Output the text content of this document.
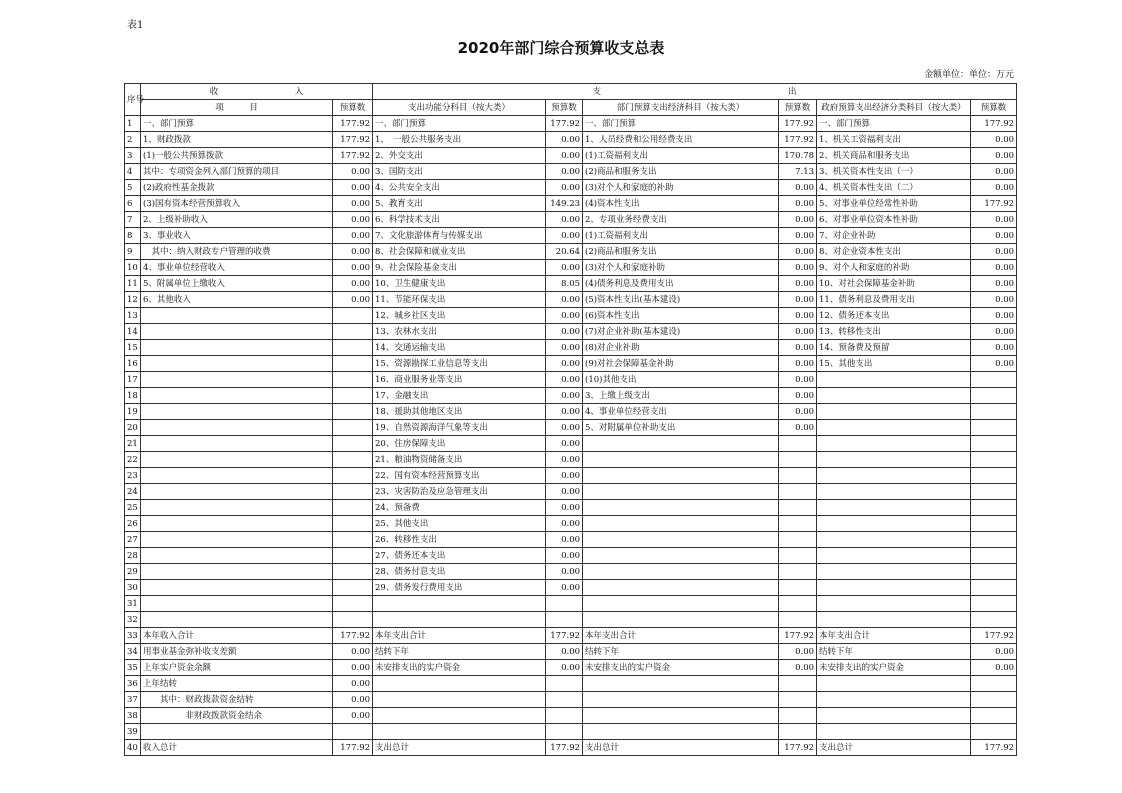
表1
2020年部门综合预算收支总表
金额单位：单位：万元
序号	收　　　　　　　　　入		支　　　　　　　　　　　　　　　　　　　　　　出					
	项　　　目	预算数	支出功能分科目（按大类）	预算数	部门预算支出经济科目（按大类）	预算数	政府预算支出经济分类科目（按大类）	预算数
1	一、部门预算	177.92	一、部门预算	177.92	一、部门预算	177.92	一、部门预算	177.92
2	1、财政拨款	177.92	1、　一般公共服务支出	0.00	1、人员经费和公用经费支出	177.92	1、机关工资福利支出	0.00
3	(1)一般公共预算拨款	177.92	2、外交支出	0.00	(1)工资福利支出	170.78	2、机关商品和服务支出	0.00
4	其中：专项资金列入部门预算的项目	0.00	3、国防支出	0.00	(2)商品和服务支出	7.13	3、机关资本性支出（一）	0.00
5	(2)政府性基金拨款	0.00	4、公共安全支出	0.00	(3)对个人和家庭的补助	0.00	4、机关资本性支出（二）	0.00
6	(3)国有资本经营预算收入	0.00	5、教育支出	149.23	(4)资本性支出	0.00	5、对事业单位经常性补助	177.92
7	2、上级补助收入	0.00	6、科学技术支出	0.00	2、专项业务经费支出	0.00	6、对事业单位资本性补助	0.00
8	3、事业收入	0.00	7、文化旅游体育与传媒支出	0.00	(1)工资福利支出	0.00	7、对企业补助	0.00
9	　其中：纳入财政专户管理的收费	0.00	8、社会保障和就业支出	20.64	(2)商品和服务支出	0.00	8、对企业资本性支出	0.00
10	4、事业单位经营收入	0.00	9、社会保险基金支出	0.00	(3)对个人和家庭补助	0.00	9、对个人和家庭的补助	0.00
11	5、附属单位上缴收入	0.00	10、卫生健康支出	8.05	(4)债务利息及费用支出	0.00	10、对社会保障基金补助	0.00
12	6、其他收入	0.00	11、节能环保支出	0.00	(5)资本性支出(基本建设)	0.00	11、债务利息及费用支出	0.00
13			12、城乡社区支出	0.00	(6)资本性支出	0.00	12、债务还本支出	0.00
14			13、农林水支出	0.00	(7)对企业补助(基本建设)	0.00	13、转移性支出	0.00
15			14、交通运输支出	0.00	(8)对企业补助	0.00	14、预备费及预留	0.00
16			15、资源勘探工业信息等支出	0.00	(9)对社会保障基金补助	0.00	15、其他支出	0.00
17			16、商业服务业等支出	0.00	(10)其他支出	0.00		
18			17、金融支出	0.00	3、上缴上级支出	0.00		
19			18、援助其他地区支出	0.00	4、事业单位经营支出	0.00		
20			19、自然资源海洋气象等支出	0.00	5、对附属单位补助支出	0.00		
21			20、住房保障支出	0.00				
22			21、粮油物资储备支出	0.00				
23			22、国有资本经营预算支出	0.00				
24			23、灾害防治及应急管理支出	0.00				
25			24、预备费	0.00				
26			25、其他支出	0.00				
27			26、转移性支出	0.00				
28			27、债务还本支出	0.00				
29			28、债务付息支出	0.00				
30			29、债务发行费用支出	0.00				
31								
32								
33	本年收入合计	177.92	本年支出合计	177.92	本年支出合计	177.92	本年支出合计	177.92
34	用事业基金弥补收支差额	0.00	结转下年	0.00	结转下年	0.00	结转下年	0.00
35	上年实户资金余额	0.00	未安排支出的实户资金	0.00	未安排支出的实户资金	0.00	未安排支出的实户资金	0.00
36	上年结转	0.00						
37	　　其中：财政拨款资金结转	0.00						
38	　　　　　非财政拨款资金结余	0.00						
39								
40	收入总计	177.92	支出总计	177.92	支出总计	177.92	支出总计	177.92
